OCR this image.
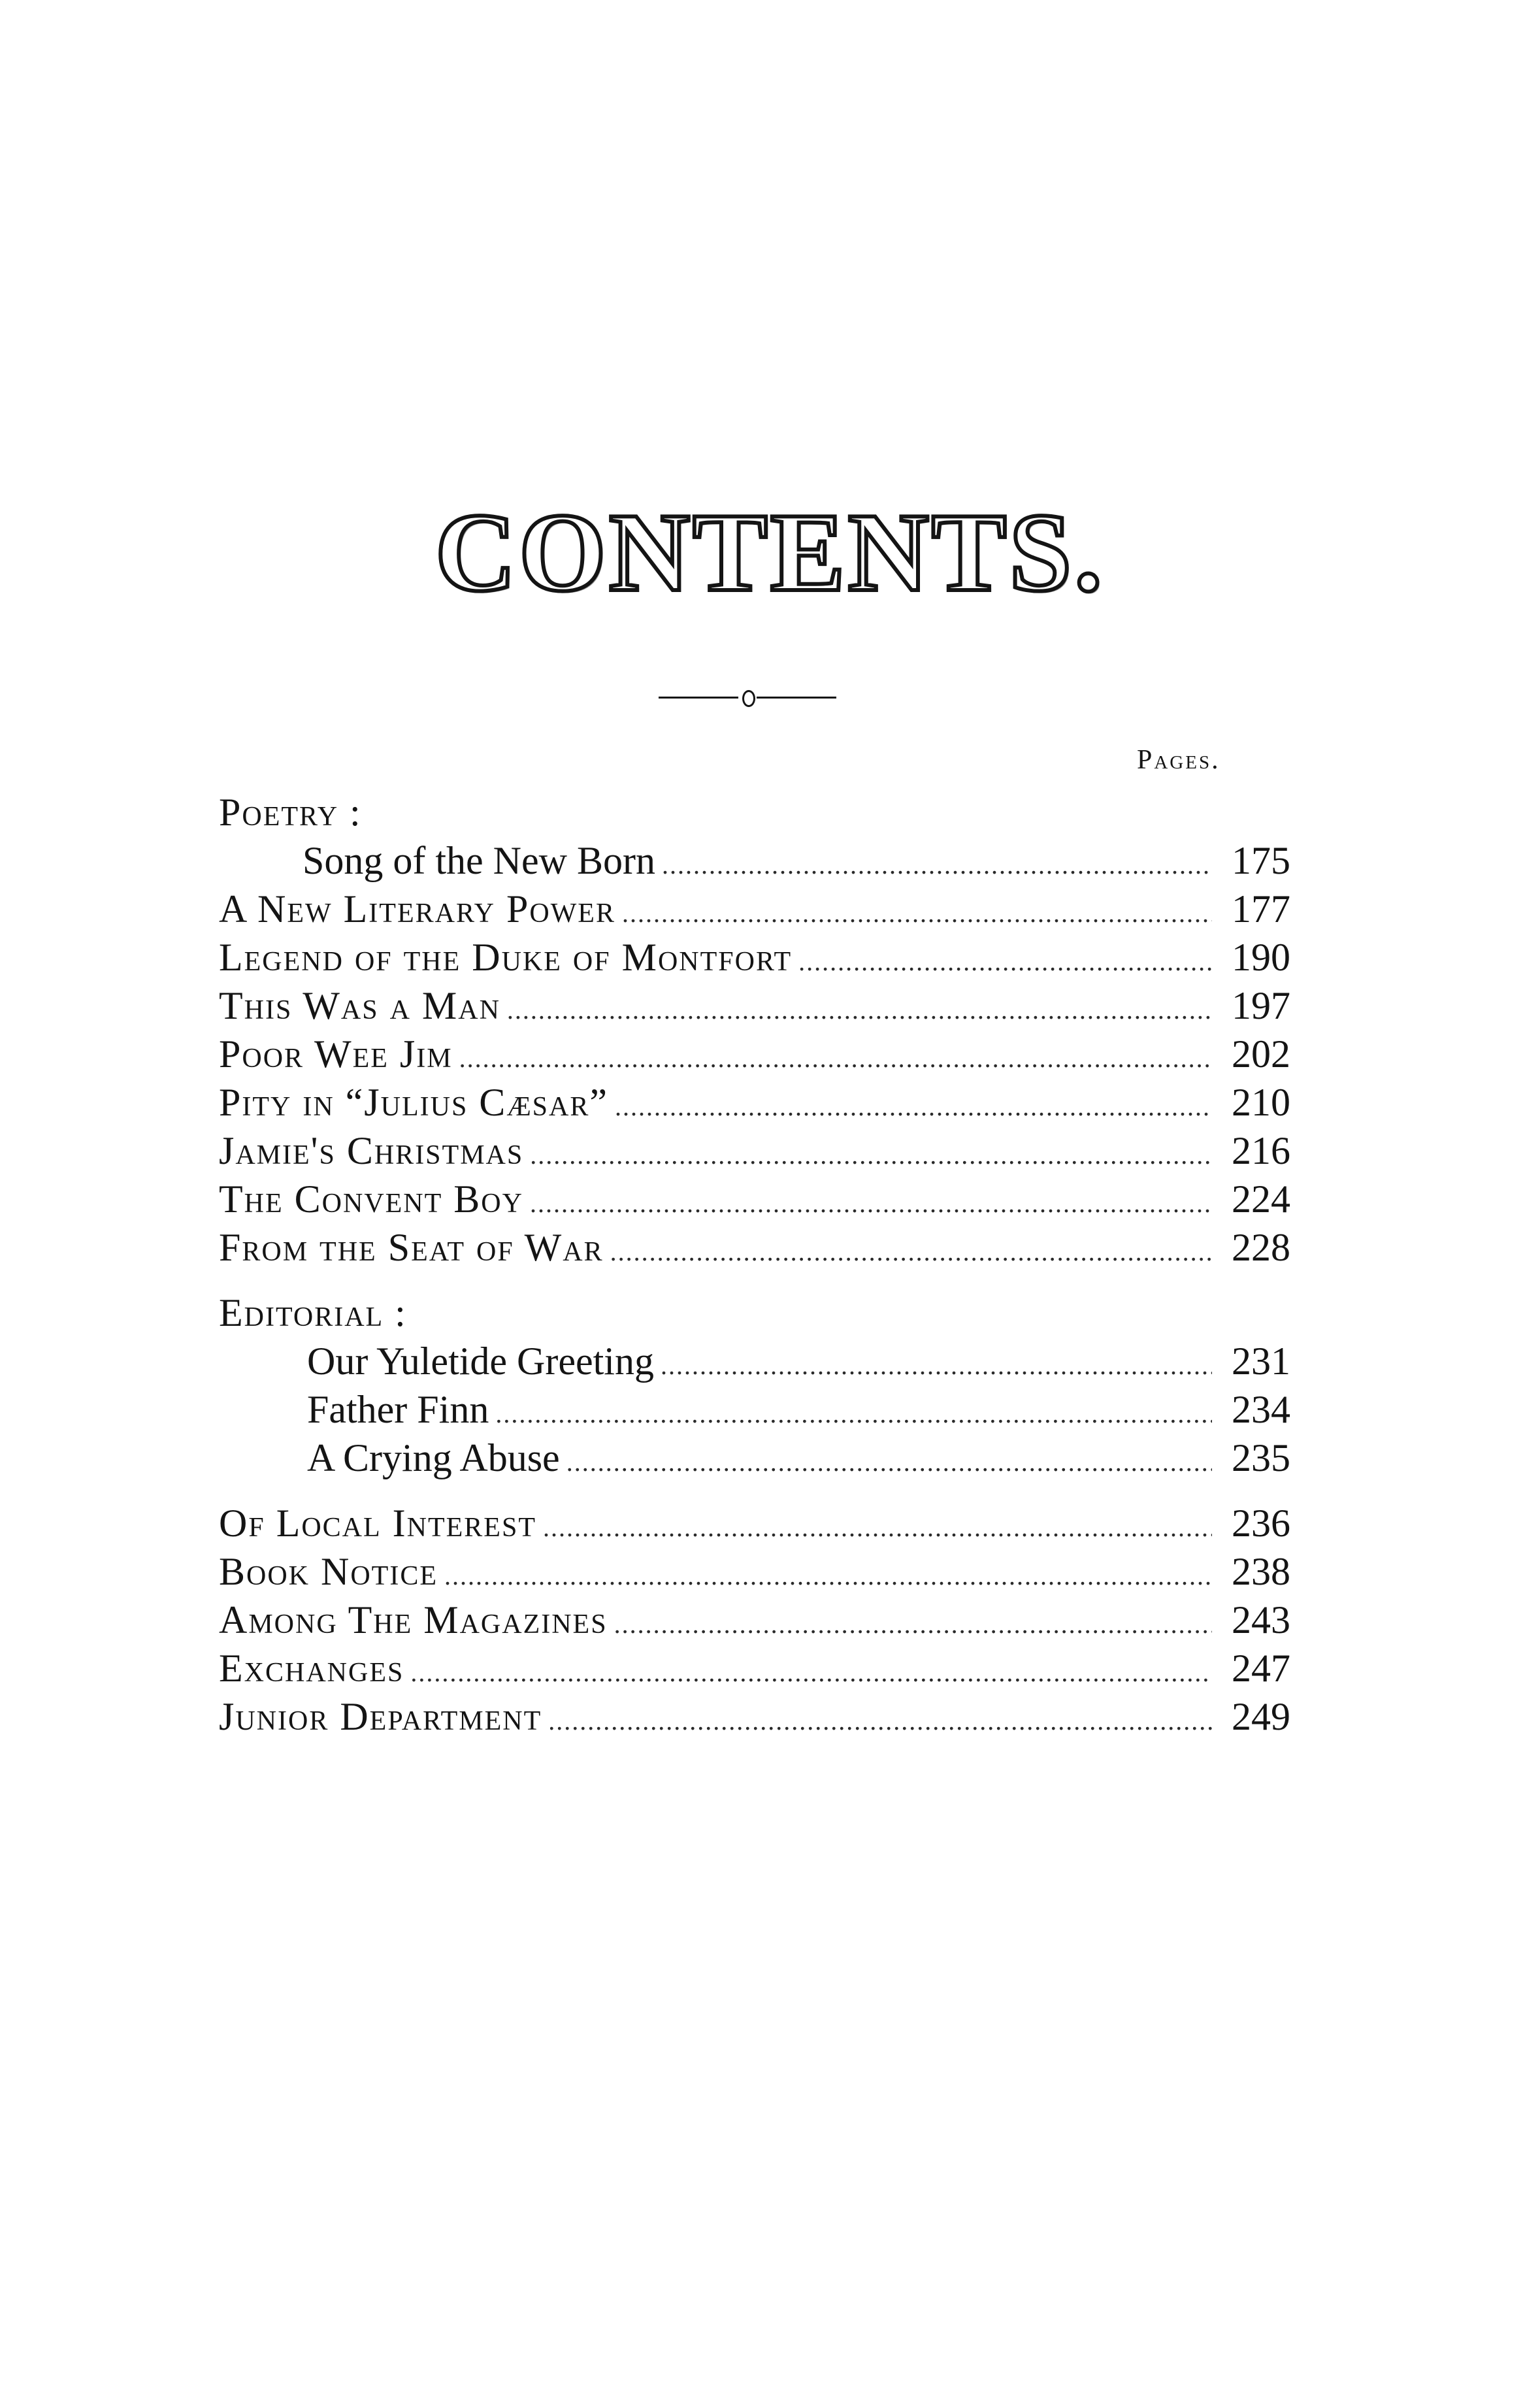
CONTENTS.
Pages.
Poetry :
Song of the New Born . . .	175
A New Literary Power . . .	177
Legend of the Duke of Montfort . . .	190
This Was a Man . . .	197
Poor Wee Jim . . .	202
Pity in “Julius Cæsar” . . .	210
Jamie's Christmas . . .	216
The Convent Boy . . .	224
From the Seat of War . . .	228
Editorial :
Our Yuletide Greeting . . .	231
Father Finn . . .	234
A Crying Abuse . . .	235
Of Local Interest . . .	236
Book Notice . . .	238
Among The Magazines . . .	243
Exchanges . . .	247
Junior Department . . .	249
